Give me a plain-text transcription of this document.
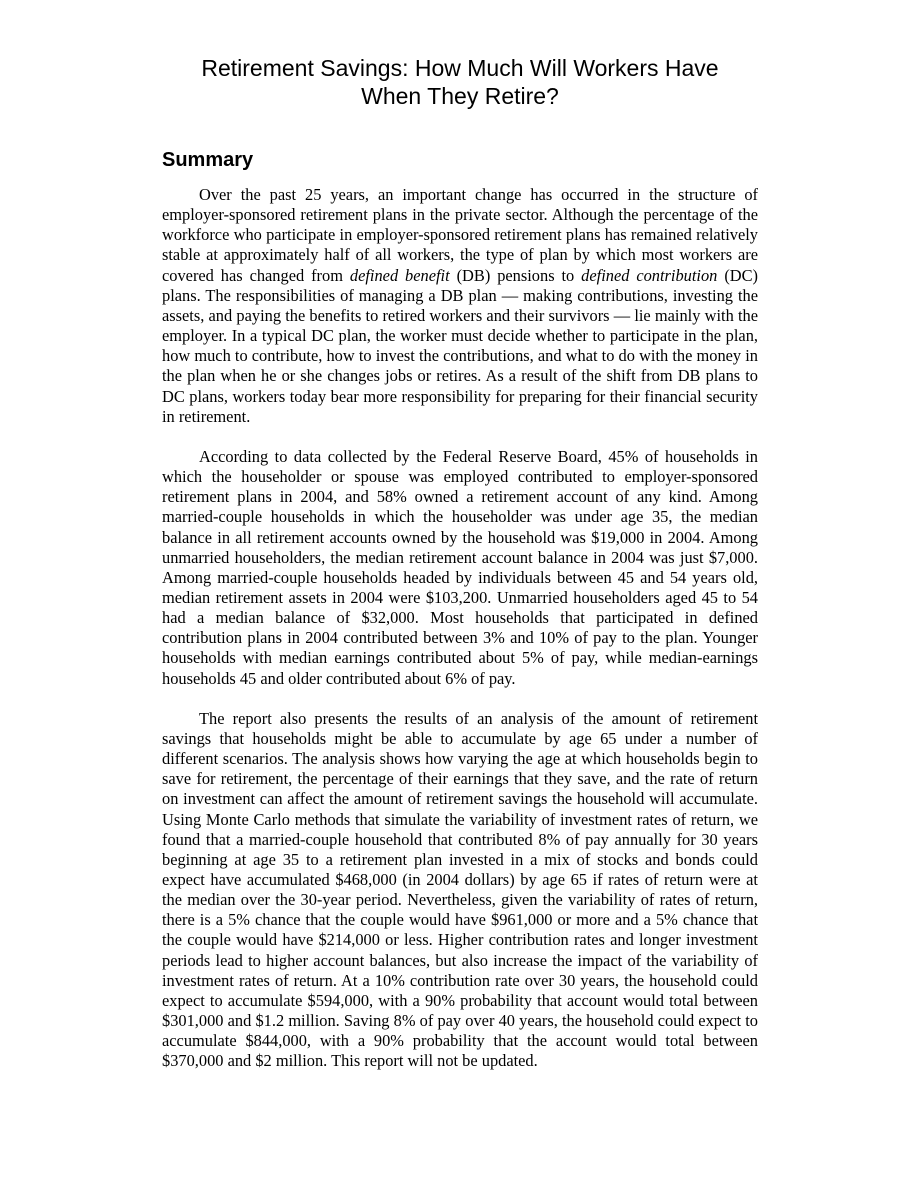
Retirement Savings: How Much Will Workers Have
When They Retire?
Summary

Over the past 25 years, an important change has occurred in the structure of employer-sponsored retirement plans in the private sector. Although the percentage of the workforce who participate in employer-sponsored retirement plans has remained relatively stable at approximately half of all workers, the type of plan by which most workers are covered has changed from defined benefit (DB) pensions to defined contribution (DC) plans. The responsibilities of managing a DB plan — making contributions, investing the assets, and paying the benefits to retired workers and their survivors — lie mainly with the employer. In a typical DC plan, the worker must decide whether to participate in the plan, how much to contribute, how to invest the contributions, and what to do with the money in the plan when he or she changes jobs or retires. As a result of the shift from DB plans to DC plans, workers today bear more responsibility for preparing for their financial security in retirement.

According to data collected by the Federal Reserve Board, 45% of households in which the householder or spouse was employed contributed to employer-sponsored retirement plans in 2004, and 58% owned a retirement account of any kind. Among married-couple households in which the householder was under age 35, the median balance in all retirement accounts owned by the household was $19,000 in 2004. Among unmarried householders, the median retirement account balance in 2004 was just $7,000. Among married-couple households headed by individuals between 45 and 54 years old, median retirement assets in 2004 were $103,200. Unmarried householders aged 45 to 54 had a median balance of $32,000. Most households that participated in defined contribution plans in 2004 contributed between 3% and 10% of pay to the plan. Younger households with median earnings contributed about 5% of pay, while median-earnings households 45 and older contributed about 6% of pay.

The report also presents the results of an analysis of the amount of retirement savings that households might be able to accumulate by age 65 under a number of different scenarios. The analysis shows how varying the age at which households begin to save for retirement, the percentage of their earnings that they save, and the rate of return on investment can affect the amount of retirement savings the household will accumulate. Using Monte Carlo methods that simulate the variability of investment rates of return, we found that a married-couple household that contributed 8% of pay annually for 30 years beginning at age 35 to a retirement plan invested in a mix of stocks and bonds could expect have accumulated $468,000 (in 2004 dollars) by age 65 if rates of return were at the median over the 30-year period. Nevertheless, given the variability of rates of return, there is a 5% chance that the couple would have $961,000 or more and a 5% chance that the couple would have $214,000 or less. Higher contribution rates and longer investment periods lead to higher account balances, but also increase the impact of the variability of investment rates of return. At a 10% contribution rate over 30 years, the household could expect to accumulate $594,000, with a 90% probability that account would total between $301,000 and $1.2 million. Saving 8% of pay over 40 years, the household could expect to accumulate $844,000, with a 90% probability that the account would total between $370,000 and $2 million. This report will not be updated.
